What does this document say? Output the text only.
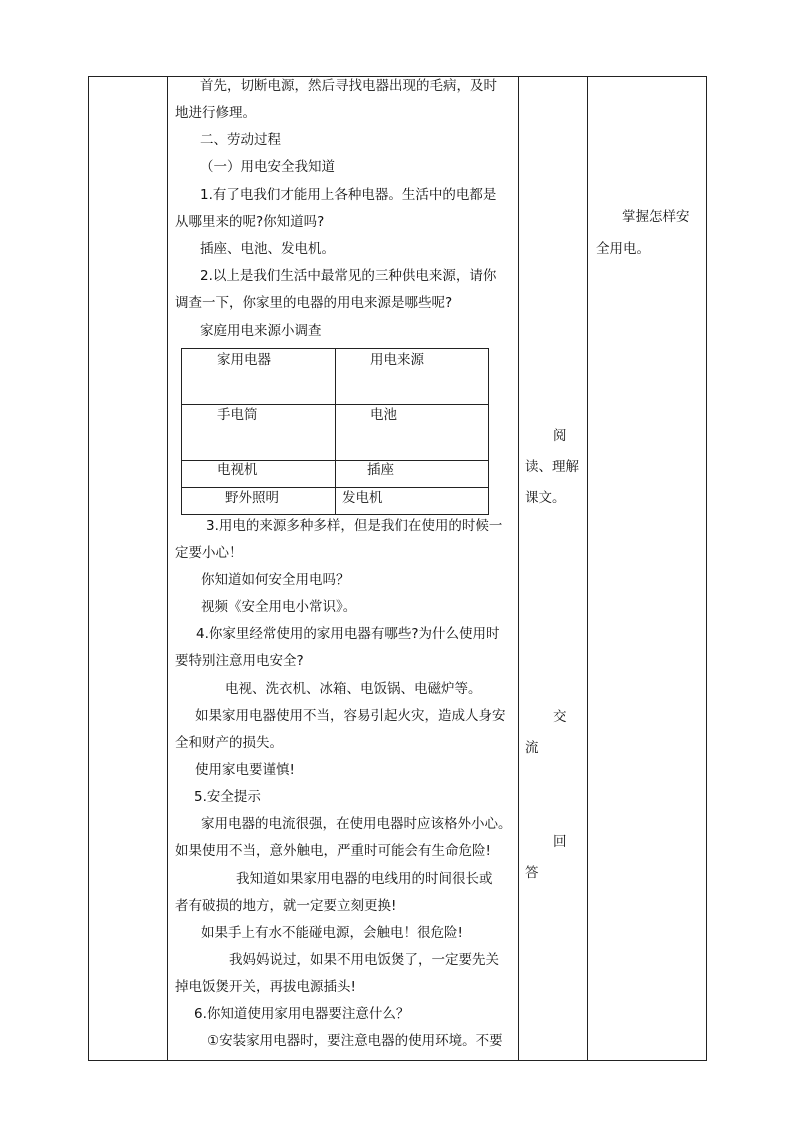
首先，切断电源，然后寻找电器出现的毛病，及时
地进行修理。
二、劳动过程
（一）用电安全我知道
1.有了电我们才能用上各种电器。生活中的电都是
从哪里来的呢?你知道吗?
插座、电池、发电机。
2.以上是我们生活中最常见的三种供电来源，请你
调查一下，你家里的电器的用电来源是哪些呢?
家庭用电来源小调查
家用电器	用电来源
手电筒	电池
电视机	插座
野外照明	发电机
3.用电的来源多种多样，但是我们在使用的时候一
定要小心！
你知道如何安全用电吗？
视频《安全用电小常识》。
4.你家里经常使用的家用电器有哪些?为什么使用时
要特别注意用电安全?
电视、洗衣机、冰箱、电饭锅、电磁炉等。
如果家用电器使用不当，容易引起火灾，造成人身安
全和财产的损失。
使用家电要谨慎!
5.安全提示
家用电器的电流很强，在使用电器时应该格外小心。
如果使用不当，意外触电，严重时可能会有生命危险!
我知道如果家用电器的电线用的时间很长或
者有破损的地方，就一定要立刻更换!
如果手上有水不能碰电源，会触电！很危险!
我妈妈说过，如果不用电饭煲了，一定要先关
掉电饭煲开关，再拔电源插头!
6.你知道使用家用电器要注意什么？
①安装家用电器时，要注意电器的使用环境。不要
阅
读、理解
课文。
交
流
回
答
掌握怎样安
全用电。
